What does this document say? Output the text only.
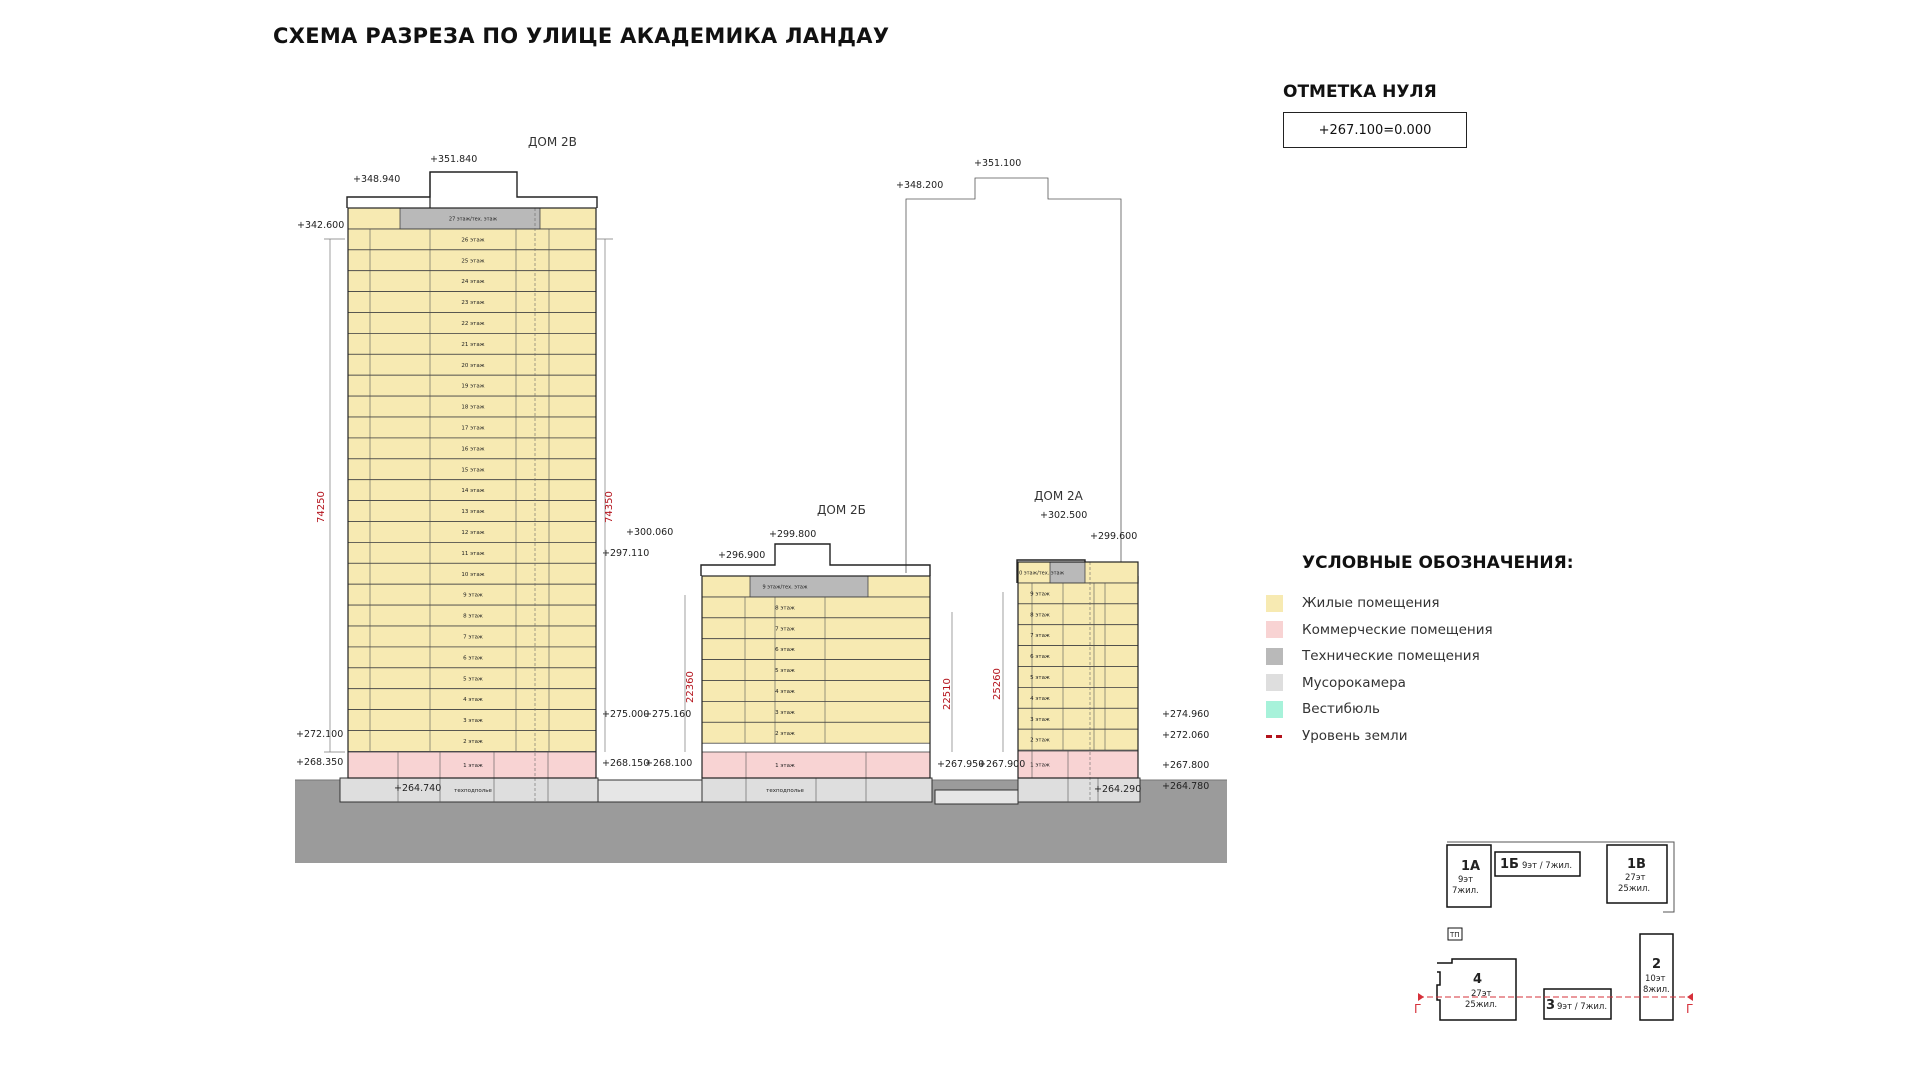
СХЕМА РАЗРЕЗА ПО УЛИЦЕ АКАДЕМИКА ЛАНДАУ
ОТМЕТКА НУЛЯ
+267.100=0.000
УСЛОВНЫЕ ОБОЗНАЧЕНИЯ:
Жилые помещения
Коммерческие помещения
Технические помещения
Мусорокамера
Вестибюль
Уровень земли
26 этаж
25 этаж
24 этаж
23 этаж
22 этаж
21 этаж
20 этаж
19 этаж
18 этаж
17 этаж
16 этаж
15 этаж
14 этаж
13 этаж
12 этаж
11 этаж
10 этаж
9 этаж
8 этаж
7 этаж
6 этаж
5 этаж
4 этаж
3 этаж
2 этаж
27 этаж/тех. этаж
1 этаж
техподполье
8 этаж
7 этаж
6 этаж
5 этаж
4 этаж
3 этаж
2 этаж
9 этаж/тех. этаж
1 этаж
техподполье
9 этаж
8 этаж
7 этаж
6 этаж
5 этаж
4 этаж
3 этаж
2 этаж
10 этаж/тех. этаж
1 этаж
ДОМ 2В
ДОМ 2Б
ДОМ 2А
+351.840
+348.940
+342.600
+272.100
+268.350
+264.740
+297.110
+275.000
+268.150
+300.060	+299.800
+296.900
+275.160
+268.100	+267.950
+302.500
+299.600
+267.900
+274.960
+272.060
+267.800
+264.290 +264.780
+351.100
+348.200
74250	74350
22360	22510	25260
1А
9эт 7жил.
1Б 9эт / 7жил.	1В
27эт 25жил.
ТП
4
27эт 25жил.	3 9эт / 7жил.
2
10эт 8жил.
Г	Г
